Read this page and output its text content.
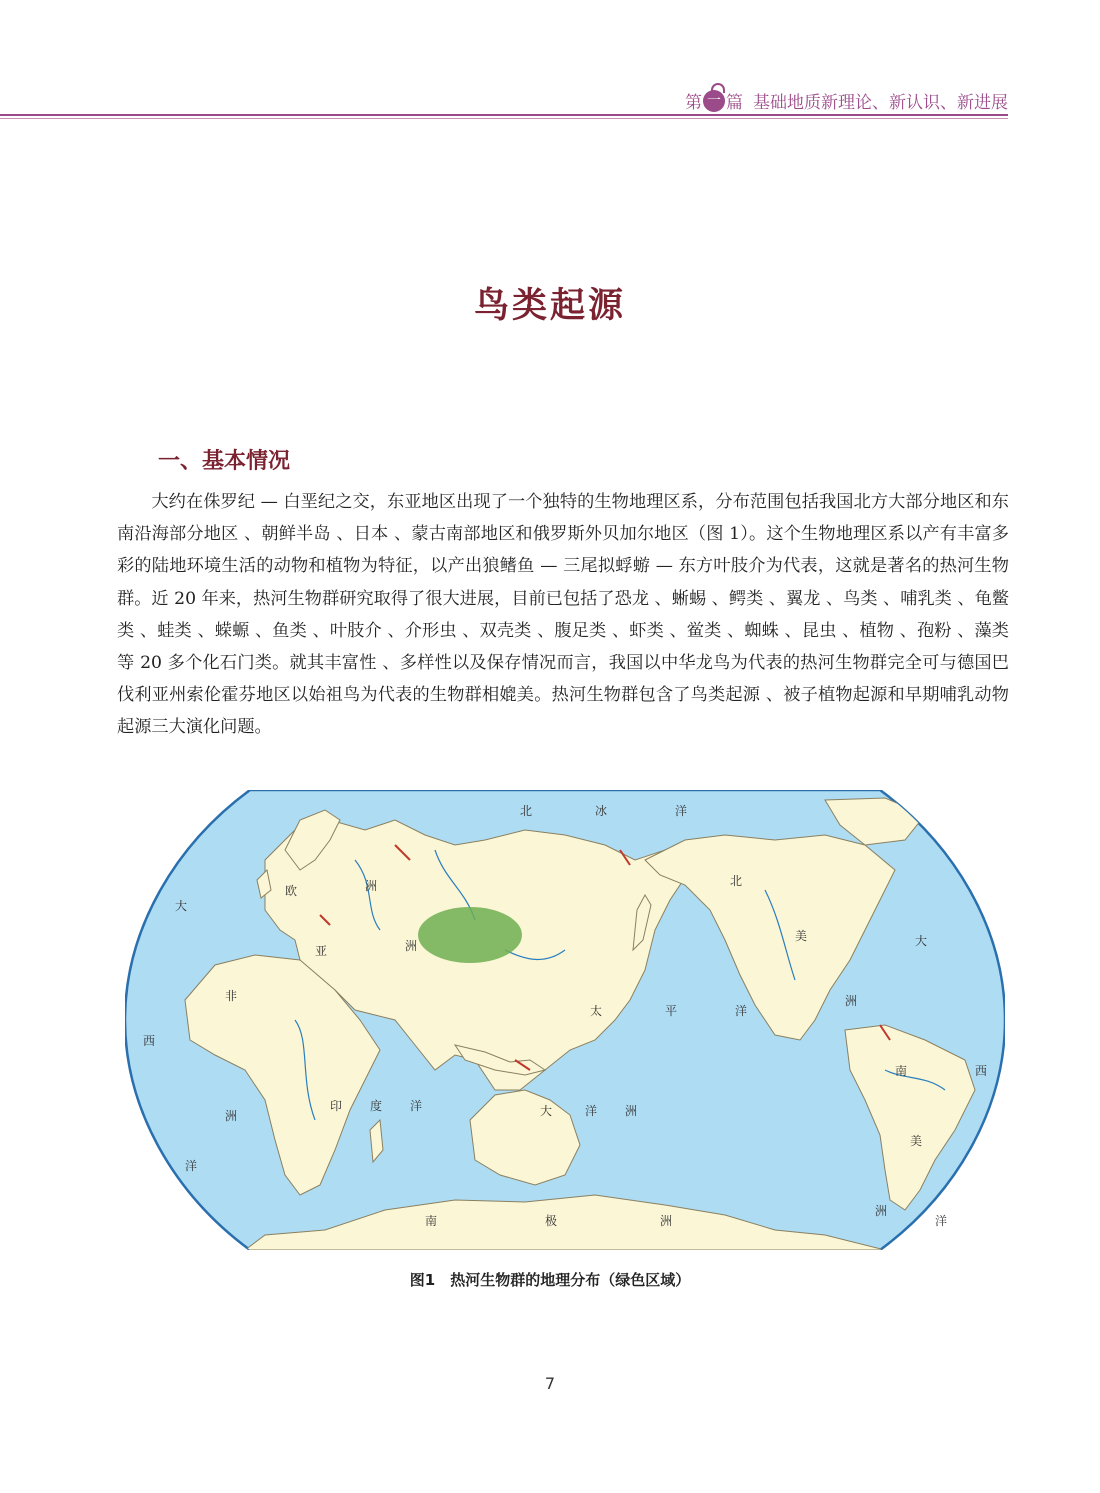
第 一 篇 基础地质新理论、新认识、新进展
鸟类起源
一、基本情况

大约在侏罗纪 — 白垩纪之交，东亚地区出现了一个独特的生物地理区系，分布范围包括我国北方大部分地区和东南沿海部分地区 、朝鲜半岛 、日本 、蒙古南部地区和俄罗斯外贝加尔地区（图 1）。这个生物地理区系以产有丰富多彩的陆地环境生活的动物和植物为特征，以产出狼鳍鱼 — 三尾拟蜉蝣 — 东方叶肢介为代表，这就是著名的热河生物群。近 20 年来，热河生物群研究取得了很大进展，目前已包括了恐龙 、蜥蜴 、鳄类 、翼龙 、鸟类 、哺乳类 、龟鳖类 、蛙类 、蝾螈 、鱼类 、叶肢介 、介形虫 、双壳类 、腹足类 、虾类 、鲎类 、蜘蛛 、昆虫 、植物 、孢粉 、藻类等 20 多个化石门类。就其丰富性 、多样性以及保存情况而言，我国以中华龙鸟为代表的热河生物群完全可与德国巴伐利亚州索伦霍芬地区以始祖鸟为代表的生物群相媲美。热河生物群包含了鸟类起源 、被子植物起源和早期哺乳动物起源三大演化问题。

北	冰	洋
欧	洲
亚	洲
非
洲
大
西
洋
印 度 洋
太	平	洋
大	洋 洲
北
美
洲
大
西
洋
南
美
洲
南	极	洲
图1　热河生物群的地理分布（绿色区域）
7
